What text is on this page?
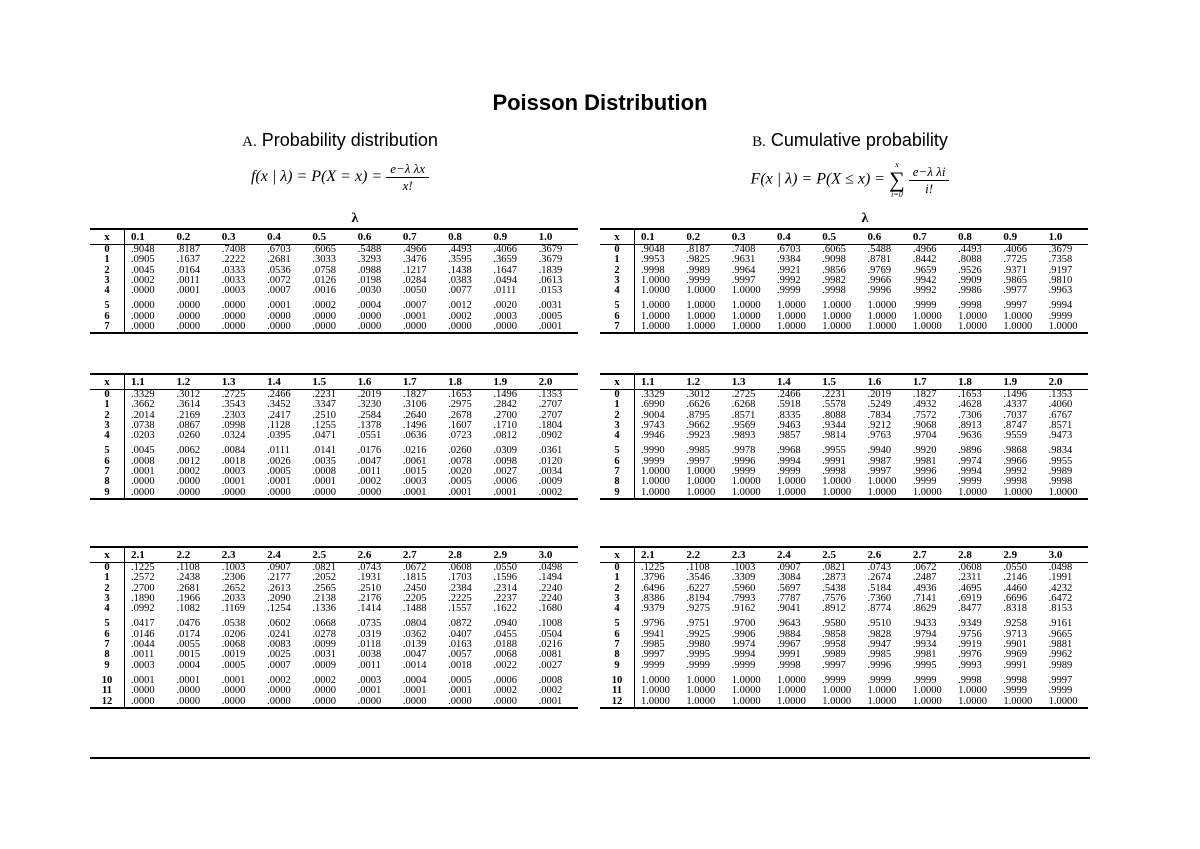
Poisson Distribution
A. Probability distribution
f(x | $\lambda) = P(X = x) = \frac{\text{e−λ λx}}{x!}$
λ
B. Cumulative probability
F(x | λ) = P(X ≤ x) =
x
∑
i=0
$\frac{\text{e−λ λi}}{i!}$
λ
x	0.1	0.2	0.3	0.4	0.5	0.6	0.7	0.8	0.9	1.0
0	.9048	.8187	.7408	.6703	.6065	.5488	.4966	.4493	.4066	.3679
1	.0905	.1637	.2222	.2681	.3033	.3293	.3476	.3595	.3659	.3679
2	.0045	.0164	.0333	.0536	.0758	.0988	.1217	.1438	.1647	.1839
3	.0002	.0011	.0033	.0072	.0126	.0198	.0284	.0383	.0494	.0613
4	.0000	.0001	.0003	.0007	.0016	.0030	.0050	.0077	.0111	.0153
5	.0000	.0000	.0000	.0001	.0002	.0004	.0007	.0012	.0020	.0031
6	.0000	.0000	.0000	.0000	.0000	.0000	.0001	.0002	.0003	.0005
7	.0000	.0000	.0000	.0000	.0000	.0000	.0000	.0000	.0000	.0001
x	0.1	0.2	0.3	0.4	0.5	0.6	0.7	0.8	0.9	1.0
0	.9048	.8187	.7408	.6703	.6065	.5488	.4966	.4493	.4066	.3679
1	.9953	.9825	.9631	.9384	.9098	.8781	.8442	.8088	.7725	.7358
2	.9998	.9989	.9964	.9921	.9856	.9769	.9659	.9526	.9371	.9197
3	1.0000	.9999	.9997	.9992	.9982	.9966	.9942	.9909	.9865	.9810
4	1.0000	1.0000	1.0000	.9999	.9998	.9996	.9992	.9986	.9977	.9963
5	1.0000	1.0000	1.0000	1.0000	1.0000	1.0000	.9999	.9998	.9997	.9994
6	1.0000	1.0000	1.0000	1.0000	1.0000	1.0000	1.0000	1.0000	1.0000	.9999
7	1.0000	1.0000	1.0000	1.0000	1.0000	1.0000	1.0000	1.0000	1.0000	1.0000
x	1.1	1.2	1.3	1.4	1.5	1.6	1.7	1.8	1.9	2.0
0	.3329	.3012	.2725	.2466	.2231	.2019	.1827	.1653	.1496	.1353
1	.3662	.3614	.3543	.3452	.3347	.3230	.3106	.2975	.2842	.2707
2	.2014	.2169	.2303	.2417	.2510	.2584	.2640	.2678	.2700	.2707
3	.0738	.0867	.0998	.1128	.1255	.1378	.1496	.1607	.1710	.1804
4	.0203	.0260	.0324	.0395	.0471	.0551	.0636	.0723	.0812	.0902
5	.0045	.0062	.0084	.0111	.0141	.0176	.0216	.0260	.0309	.0361
6	.0008	.0012	.0018	.0026	.0035	.0047	.0061	.0078	.0098	.0120
7	.0001	.0002	.0003	.0005	.0008	.0011	.0015	.0020	.0027	.0034
8	.0000	.0000	.0001	.0001	.0001	.0002	.0003	.0005	.0006	.0009
9	.0000	.0000	.0000	.0000	.0000	.0000	.0001	.0001	.0001	.0002
x	1.1	1.2	1.3	1.4	1.5	1.6	1.7	1.8	1.9	2.0
0	.3329	.3012	.2725	.2466	.2231	.2019	.1827	.1653	.1496	.1353
1	.6990	.6626	.6268	.5918	.5578	.5249	.4932	.4628	.4337	.4060
2	.9004	.8795	.8571	.8335	.8088	.7834	.7572	.7306	.7037	.6767
3	.9743	.9662	.9569	.9463	.9344	.9212	.9068	.8913	.8747	.8571
4	.9946	.9923	.9893	.9857	.9814	.9763	.9704	.9636	.9559	.9473
5	.9990	.9985	.9978	.9968	.9955	.9940	.9920	.9896	.9868	.9834
6	.9999	.9997	.9996	.9994	.9991	.9987	.9981	.9974	.9966	.9955
7	1.0000	1.0000	.9999	.9999	.9998	.9997	.9996	.9994	.9992	.9989
8	1.0000	1.0000	1.0000	1.0000	1.0000	1.0000	.9999	.9999	.9998	.9998
9	1.0000	1.0000	1.0000	1.0000	1.0000	1.0000	1.0000	1.0000	1.0000	1.0000
x	2.1	2.2	2.3	2.4	2.5	2.6	2.7	2.8	2.9	3.0
0	.1225	.1108	.1003	.0907	.0821	.0743	.0672	.0608	.0550	.0498
1	.2572	.2438	.2306	.2177	.2052	.1931	.1815	.1703	.1596	.1494
2	.2700	.2681	.2652	.2613	.2565	.2510	.2450	.2384	.2314	.2240
3	.1890	.1966	.2033	.2090	.2138	.2176	.2205	.2225	.2237	.2240
4	.0992	.1082	.1169	.1254	.1336	.1414	.1488	.1557	.1622	.1680
5	.0417	.0476	.0538	.0602	.0668	.0735	.0804	.0872	.0940	.1008
6	.0146	.0174	.0206	.0241	.0278	.0319	.0362	.0407	.0455	.0504
7	.0044	.0055	.0068	.0083	.0099	.0118	.0139	.0163	.0188	.0216
8	.0011	.0015	.0019	.0025	.0031	.0038	.0047	.0057	.0068	.0081
9	.0003	.0004	.0005	.0007	.0009	.0011	.0014	.0018	.0022	.0027
10	.0001	.0001	.0001	.0002	.0002	.0003	.0004	.0005	.0006	.0008
11	.0000	.0000	.0000	.0000	.0000	.0001	.0001	.0001	.0002	.0002
12	.0000	.0000	.0000	.0000	.0000	.0000	.0000	.0000	.0000	.0001
x	2.1	2.2	2.3	2.4	2.5	2.6	2.7	2.8	2.9	3.0
0	.1225	.1108	.1003	.0907	.0821	.0743	.0672	.0608	.0550	.0498
1	.3796	.3546	.3309	.3084	.2873	.2674	.2487	.2311	.2146	.1991
2	.6496	.6227	.5960	.5697	.5438	.5184	.4936	.4695	.4460	.4232
3	.8386	.8194	.7993	.7787	.7576	.7360	.7141	.6919	.6696	.6472
4	.9379	.9275	.9162	.9041	.8912	.8774	.8629	.8477	.8318	.8153
5	.9796	.9751	.9700	.9643	.9580	.9510	.9433	.9349	.9258	.9161
6	.9941	.9925	.9906	.9884	.9858	.9828	.9794	.9756	.9713	.9665
7	.9985	.9980	.9974	.9967	.9958	.9947	.9934	.9919	.9901	.9881
8	.9997	.9995	.9994	.9991	.9989	.9985	.9981	.9976	.9969	.9962
9	.9999	.9999	.9999	.9998	.9997	.9996	.9995	.9993	.9991	.9989
10	1.0000	1.0000	1.0000	1.0000	.9999	.9999	.9999	.9998	.9998	.9997
11	1.0000	1.0000	1.0000	1.0000	1.0000	1.0000	1.0000	1.0000	.9999	.9999
12	1.0000	1.0000	1.0000	1.0000	1.0000	1.0000	1.0000	1.0000	1.0000	1.0000
